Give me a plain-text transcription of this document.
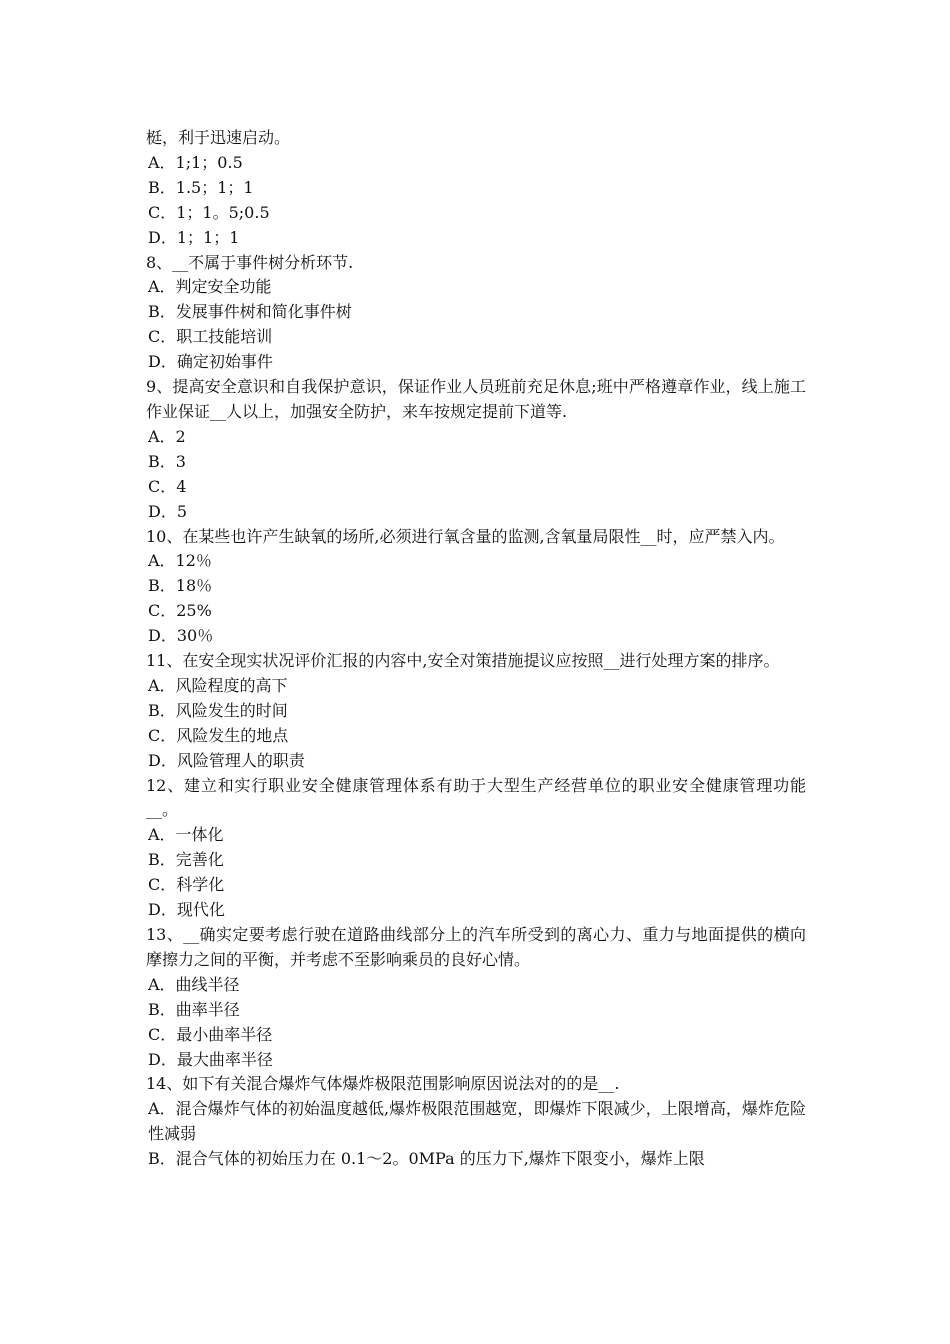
梃，利于迅速启动。
A．1;1；0.5
B．1.5；1；1
C．1；1。5;0.5
D．1；1；1
8、__不属于事件树分析环节.
A．判定安全功能
B．发展事件树和简化事件树
C．职工技能培训
D．确定初始事件
9、提高安全意识和自我保护意识，保证作业人员班前充足休息;班中严格遵章作业，线上施工作业保证__人以上，加强安全防护，来车按规定提前下道等.
A．2
B．3
C．4
D．5
10、在某些也许产生缺氧的场所,必须进行氧含量的监测,含氧量局限性__时，应严禁入内。
A．12％
B．18％
C．25%
D．30％
11、在安全现实状况评价汇报的内容中,安全对策措施提议应按照__进行处理方案的排序。
A．风险程度的高下
B．风险发生的时间
C．风险发生的地点
D．风险管理人的职责
12、建立和实行职业安全健康管理体系有助于大型生产经营单位的职业安全健康管理功能__。
A．一体化
B．完善化
C．科学化
D．现代化
13、__确实定要考虑行驶在道路曲线部分上的汽车所受到的离心力、重力与地面提供的横向摩擦力之间的平衡，并考虑不至影响乘员的良好心情。
A．曲线半径
B．曲率半径
C．最小曲率半径
D．最大曲率半径
14、如下有关混合爆炸气体爆炸极限范围影响原因说法对的的是__.
A．混合爆炸气体的初始温度越低,爆炸极限范围越宽，即爆炸下限减少，上限增高，爆炸危险性减弱
B．混合气体的初始压力在 0.1～2。0MPa 的压力下,爆炸下限变小，爆炸上限
